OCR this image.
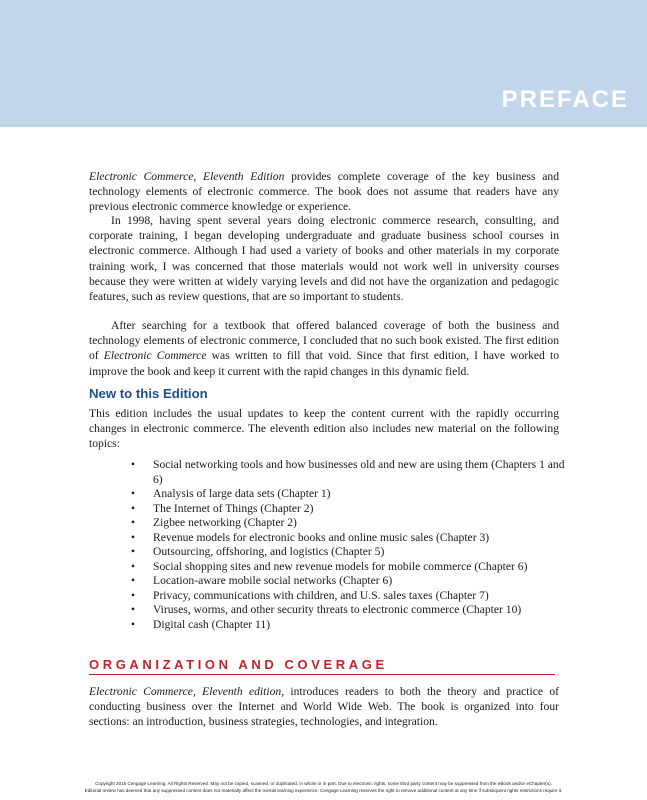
PREFACE

Electronic Commerce, Eleventh Edition provides complete coverage of the key business and technology elements of electronic commerce. The book does not assume that readers have any previous electronic commerce knowledge or experience.

In 1998, having spent several years doing electronic commerce research, consulting, and corporate training, I began developing undergraduate and graduate business school courses in electronic commerce. Although I had used a variety of books and other materials in my corporate training work, I was concerned that those materials would not work well in university courses because they were written at widely varying levels and did not have the organization and pedagogic features, such as review questions, that are so important to students.

After searching for a textbook that offered balanced coverage of both the business and technology elements of electronic commerce, I concluded that no such book existed. The first edition of Electronic Commerce was written to fill that void. Since that first edition, I have worked to improve the book and keep it current with the rapid changes in this dynamic field.

New to this Edition

This edition includes the usual updates to keep the content current with the rapidly occurring changes in electronic commerce. The eleventh edition also includes new material on the following topics:

• Social networking tools and how businesses old and new are using them (Chapters 1 and 6)
• Analysis of large data sets (Chapter 1)
• The Internet of Things (Chapter 2)
• Zigbee networking (Chapter 2)
• Revenue models for electronic books and online music sales (Chapter 3)
• Outsourcing, offshoring, and logistics (Chapter 5)
• Social shopping sites and new revenue models for mobile commerce (Chapter 6)
• Location-aware mobile social networks (Chapter 6)
• Privacy, communications with children, and U.S. sales taxes (Chapter 7)
• Viruses, worms, and other security threats to electronic commerce (Chapter 10)
• Digital cash (Chapter 11)
ORGANIZATION AND COVERAGE

Electronic Commerce, Eleventh edition, introduces readers to both the theory and practice of conducting business over the Internet and World Wide Web. The book is organized into four sections: an introduction, business strategies, technologies, and integration.

Copyright 2015 Cengage Learning. All Rights Reserved. May not be copied, scanned, or duplicated, in whole or in part. Due to electronic rights, some third party content may be suppressed from the eBook and/or eChapter(s).
Editorial review has deemed that any suppressed content does not materially affect the overall learning experience. Cengage Learning reserves the right to remove additional content at any time if subsequent rights restrictions require it.
